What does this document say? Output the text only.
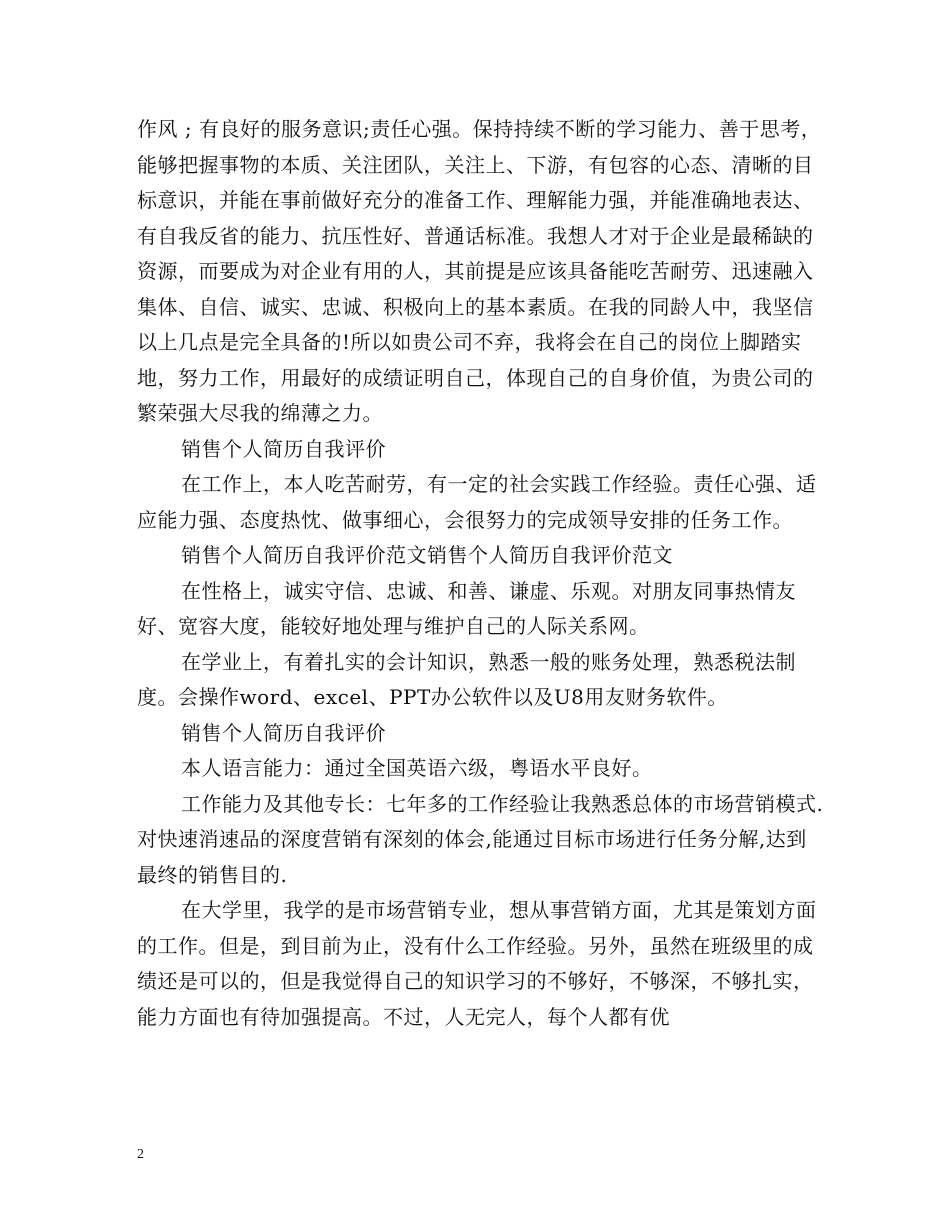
作风 ; 有良好的服务意识;责任心强。保持持续不断的学习能力、善于思考，能够把握事物的本质、关注团队，关注上、下游，有包容的心态、清晰的目标意识，并能在事前做好充分的准备工作、理解能力强，并能准确地表达、有自我反省的能力、抗压性好、普通话标准。我想人才对于企业是最稀缺的资源，而要成为对企业有用的人，其前提是应该具备能吃苦耐劳、迅速融入集体、自信、诚实、忠诚、积极向上的基本素质。在我的同龄人中，我坚信以上几点是完全具备的!所以如贵公司不弃，我将会在自己的岗位上脚踏实地，努力工作，用最好的成绩证明自己，体现自己的自身价值，为贵公司的繁荣强大尽我的绵薄之力。

销售个人简历自我评价

在工作上，本人吃苦耐劳，有一定的社会实践工作经验。责任心强、适应能力强、态度热忱、做事细心，会很努力的完成领导安排的任务工作。

销售个人简历自我评价范文销售个人简历自我评价范文

在性格上，诚实守信、忠诚、和善、谦虚、乐观。对朋友同事热情友好、宽容大度，能较好地处理与维护自己的人际关系网。

在学业上，有着扎实的会计知识，熟悉一般的账务处理，熟悉税法制度。会操作word、excel、PPT办公软件以及U8用友财务软件。

销售个人简历自我评价

本人语言能力：通过全国英语六级，粤语水平良好。

工作能力及其他专长：七年多的工作经验让我熟悉总体的市场营销模式.对快速消速品的深度营销有深刻的体会,能通过目标市场进行任务分解,达到最终的销售目的.

在大学里，我学的是市场营销专业，想从事营销方面，尤其是策划方面的工作。但是，到目前为止，没有什么工作经验。另外，虽然在班级里的成绩还是可以的，但是我觉得自己的知识学习的不够好，不够深，不够扎实，能力方面也有待加强提高。不过，人无完人，每个人都有优

2
